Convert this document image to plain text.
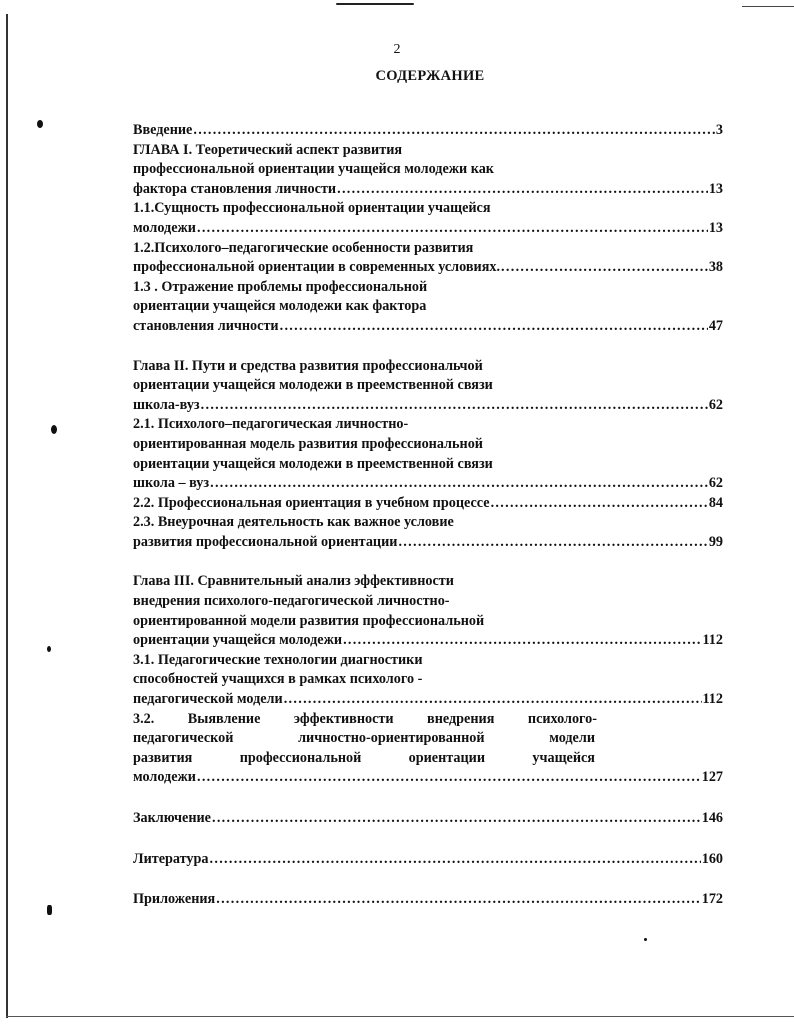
2
СОДЕРЖАНИЕ
Введение .....	3
ГЛАВА I. Теоретический аспект развития
профессиональной ориентации учащейся молодежи как
фактора становления личности .....	13
1.1.Сущность профессиональной ориентации учащейся
молодежи .....	13
1.2.Психолого–педагогические особенности развития
профессиональной ориентации в современных условиях. .....	38
1.3 . Отражение проблемы профессиональной
ориентации учащейся молодежи как фактора
становления личности .....	47
Глава II. Пути и средства развития профессиональчой
ориентации учащейся молодежи в преемственной связи
школа-вуз .....	62
2.1. Психолого–педагогическая личностно-
ориентированная модель развития профессиональной
ориентации учащейся молодежи в преемственной связи
школа – вуз .....	62
2.2. Профессиональная ориентация в учебном процессе .....	84
2.3. Внеурочная деятельность как важное условие
развития профессиональной ориентации .....	99
Глава III. Сравнительный анализ эффективности
внедрения психолого-педагогической личностно-
ориентированной модели развития профессиональной
ориентации учащейся молодежи .....	112
3.1. Педагогические технологии диагностики
способностей учащихся в рамках психолого -
педагогической модели .....	112
3.2. Выявление эффективности внедрения психолого-
педагогической	личностно-ориентированной	модели
развития	профессиональной	ориентации	учащейся
молодежи .....	127
Заключение .....	146
Литература .....	160
Приложения .....	172
